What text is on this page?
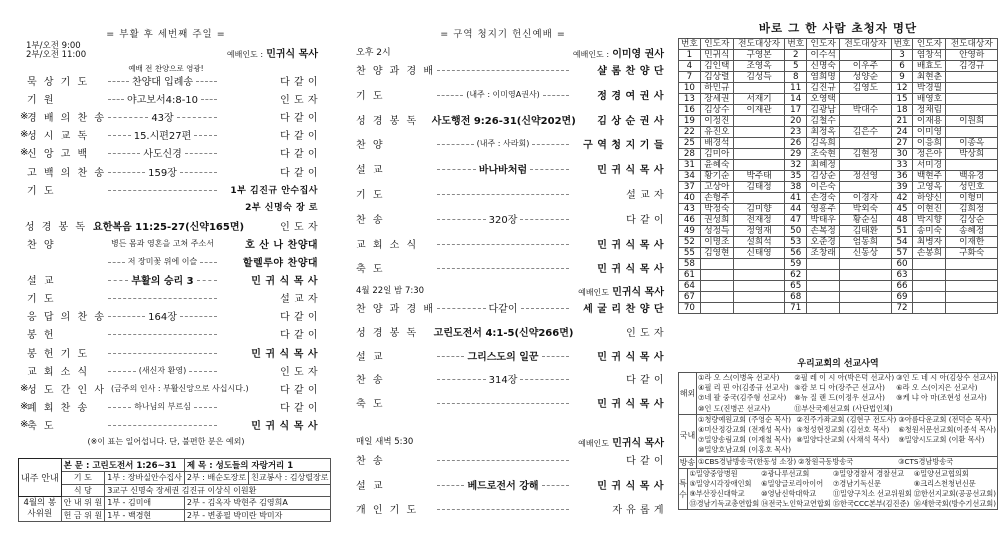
= 부활 후 세번째 주일 =
1부/오전 9:00
2부/오전 11:00	예배인도 : 민귀식 목사
예배 전 찬양으로 영광!
묵 상 기 도	찬양대 입례송	다 같 이
기 원	야고보서4:8-10	인 도 자
※
경 배 의 찬 송	43장	다 같 이
※
성 시 교 독	15.시편27편	다 같 이
※
신 앙 고 백	사도신경	다 같 이
고 백 의 찬 송	159장	다 같 이
기 도	1부 김진규 안수집사
2부 신명숙 장 로
성 경 봉 독 요한복음 11:25-27(신약165면)	인 도 자
찬 양	병든 몸과 영혼을 고쳐 주소서	호 산 나 찬양대
저 장미꽃 위에 이슬	할렐루야 찬양대
설 교	부활의 승리 3	민 귀 식 목 사
기 도	설 교 자
응 답 의 찬 송	164장	다 같 이
봉 헌	다 같 이
봉 헌 기 도	민 귀 식 목 사
교 회 소 식	(새신자 환영)	인 도 자
※
성 도 간 인 사 (금주의 인사 : 부활신앙으로 사십시다.)	다 같 이
※
폐 회 찬 송	하나님의 부르심	다 같 이
※
축 도	민 귀 식 목 사
(※이 표는 일어섭니다. 단, 불편한 분은 예외)
내주 안내	본 문 : 고린도전서 1:26~31		제 목 : 성도들의 자랑거리 1	
	기 도	1부 : 장바실안수집사	2부 : 배순도장로	친교봉사 : 김상렬장로
	식 당	3교구 신명숙 장세권 김진규 이상식 이원환		
4월의 봉사위원	안 내 위 원	1부 - 김미애	2부 - 김옥자 박현주 김영희A	
	헌 금 위 원	1부 - 백경현	2부 - 변종필 박미란 박미자	
= 구역 청지기 헌신예배 =
오후 2시	예배인도 : 이미영 권사
찬 양 과 경 배	샬 롬 찬 양 단
기 도	(내주 : 이미영A권사)	정 경 여 권 사
성 경 봉 독	사도행전 9:26-31(신약202면)	김 상 순 권 사
찬 양	(내주 : 사라회)	구 역 청 지 기 들
설 교	바나바처럼	민 귀 식 목 사
기 도	설 교 자
찬 송	320장	다 같 이
교 회 소 식	민 귀 식 목 사
축 도	민 귀 식 목 사
4월 22일 밤 7:30	예배인도 민귀식 목사
찬 양 과 경 배	다같이	세 굴 리 찬 양 단
성 경 봉 독	고린도전서 4:1-5(신약266면)	인 도 자
설 교	그리스도의 일꾼	민 귀 식 목 사
찬 송	314장	다 같 이
축 도	민 귀 식 목 사
매일 새벽 5:30	예배인도 민귀식 목사
찬 송	다 같 이
설 교	베드로전서 강해	민 귀 식 목 사
개 인 기 도	자 유 롭 게
바로 그 한 사람 초청자 명단
번호	인도자	전도대상자	번호	인도자	전도대상자	번호	인도자	전도대상자
1	민귀식	구영본	2	이수석		3	염창석	안영하
4	김인택	조영옥	5	신명숙	이우주	6	배효도	김경규
7	김상렬	김성득	8	염희명	성양순	9	최현춘	
10	하민규		11	김진규	김영도	12	박경필	
13	장세권	서재기	14	오영택		15	배영호	
16	김상수	이재관	17	김광남	박대수	18	정채림	
19	이정진		20	김철수		21	이재용	이원희
22	유진오		23	최정옥	김은수	24	이미영	
25	배경석		26	김옥희		27	이응희	이종옥
28	김미아		29	조숙현	김현정	30	정은아	박상희
31	윤혜숙		32	최혜정		33	서미경	
34	황기순	박주태	35	김상순	정선영	36	백현주	백유경
37	고상아	김태정	38	이은숙		39	고영옥	성민호
40	손형주		41	손경숙	이경자	42	하양신	이형미
43	박정숙	김미향	44	영흥주	박외숙	45	이현진	김희정
46	권성희	전재정	47	박태우	황순심	48	박지향	김상순
49	성정득	정영재	50	손복정	김태환	51	송미숙	송혜정
52	이명조	설희석	53	오준경	엄동희	54	최병자	이재한
55	김영현	신태영	56	조창래	신동상	57	손봉희	구화숙
58			59			60		
61			62			63		
64			65			66		
67			68			69		
70			71			72		
우리교회의 선교사역
해외
①라 오 스(이병옥 선교사)	②필 레 이 시 아(박은덕 선교사) ③인 도 네 시 아(김상수 선교사)
④필 리 핀 아(김종규 선교사) ⑤캄 보 디 아(장주근 선교사)	⑥라 오 스(이지은 선교사)
⑦네 팔 중국(김주형 선교사)	⑧뉴 질 랜 드(이정우 선교사)	⑨케 냐 아 마(조현성 선교사)
⑩인 도(진병곤 선교사)	⑪부산국제선교회 (사단법인체)
국내
①청량예원교회 (주영순 목사) ②진주가좌교회 (김현구 전도사) ③아름다운교회 (전덕순 목사)
④미산정강교회 (전재성 목사) ⑤청성현정교회 (김선호 목사)	⑥청원서문선교회(이종석 목사)
⑦밀양송림교회 (이재철 목사) ⑧밀양다산교회 (사채석 목사)	⑨밀양시도교회 (이환 목사)
⑩밀양호남교회 (이홍호 목사)
방송 ①CBS경남방송국(한동성 소장) ②창원극동방송국	③CTS경남방송국
특수
①밀양중앙병원	②광나루선교회	③밀양경찰서 경찰선교	④밀양선교협의회
⑤밀양시각장애인회	⑥밀양글로리아이어	⑦경남기독신문	⑧크리스천청년신문
⑨부산장신대학교	⑩영남신학대학교	⑪밀양구치소 선교위원회 ⑫한선지교회(공공선교회)
⑬경남기독교총연합회 ⑭전국노인학교연합회 ⑮한국CCC본부(김진준) ⑯새한국회(방수기선교회)
